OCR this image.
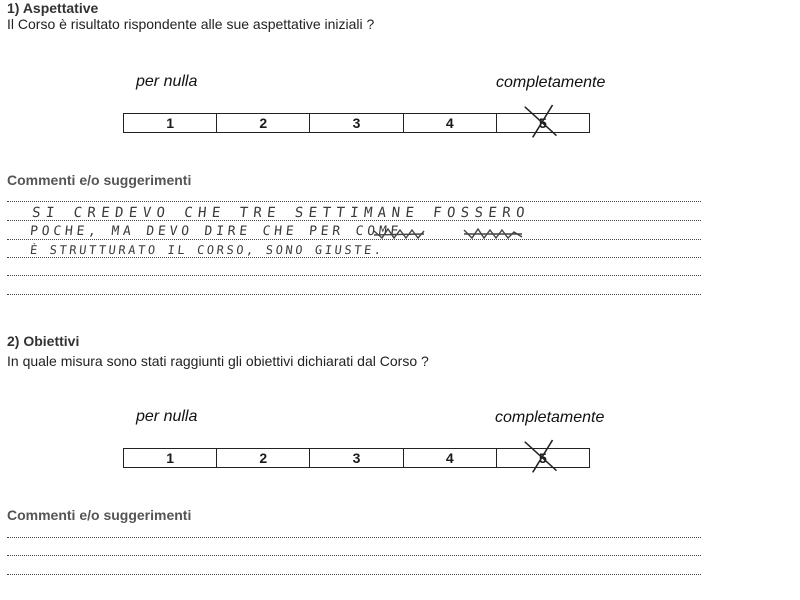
1) Aspettative
Il Corso è risultato rispondente alle sue aspettative iniziali ?
per nulla	completamente
1	2	3	4	5
Commenti e/o suggerimenti
SI CREDEVO CHE TRE SETTIMANE FOSSERO
POCHE, MA DEVO DIRE CHE PER COME
È STRUTTURATO IL CORSO, SONO GIUSTE.
2) Obiettivi
In quale misura sono stati raggiunti gli obiettivi dichiarati dal Corso ?
per nulla	completamente
1	2	3	4	5
Commenti e/o suggerimenti
